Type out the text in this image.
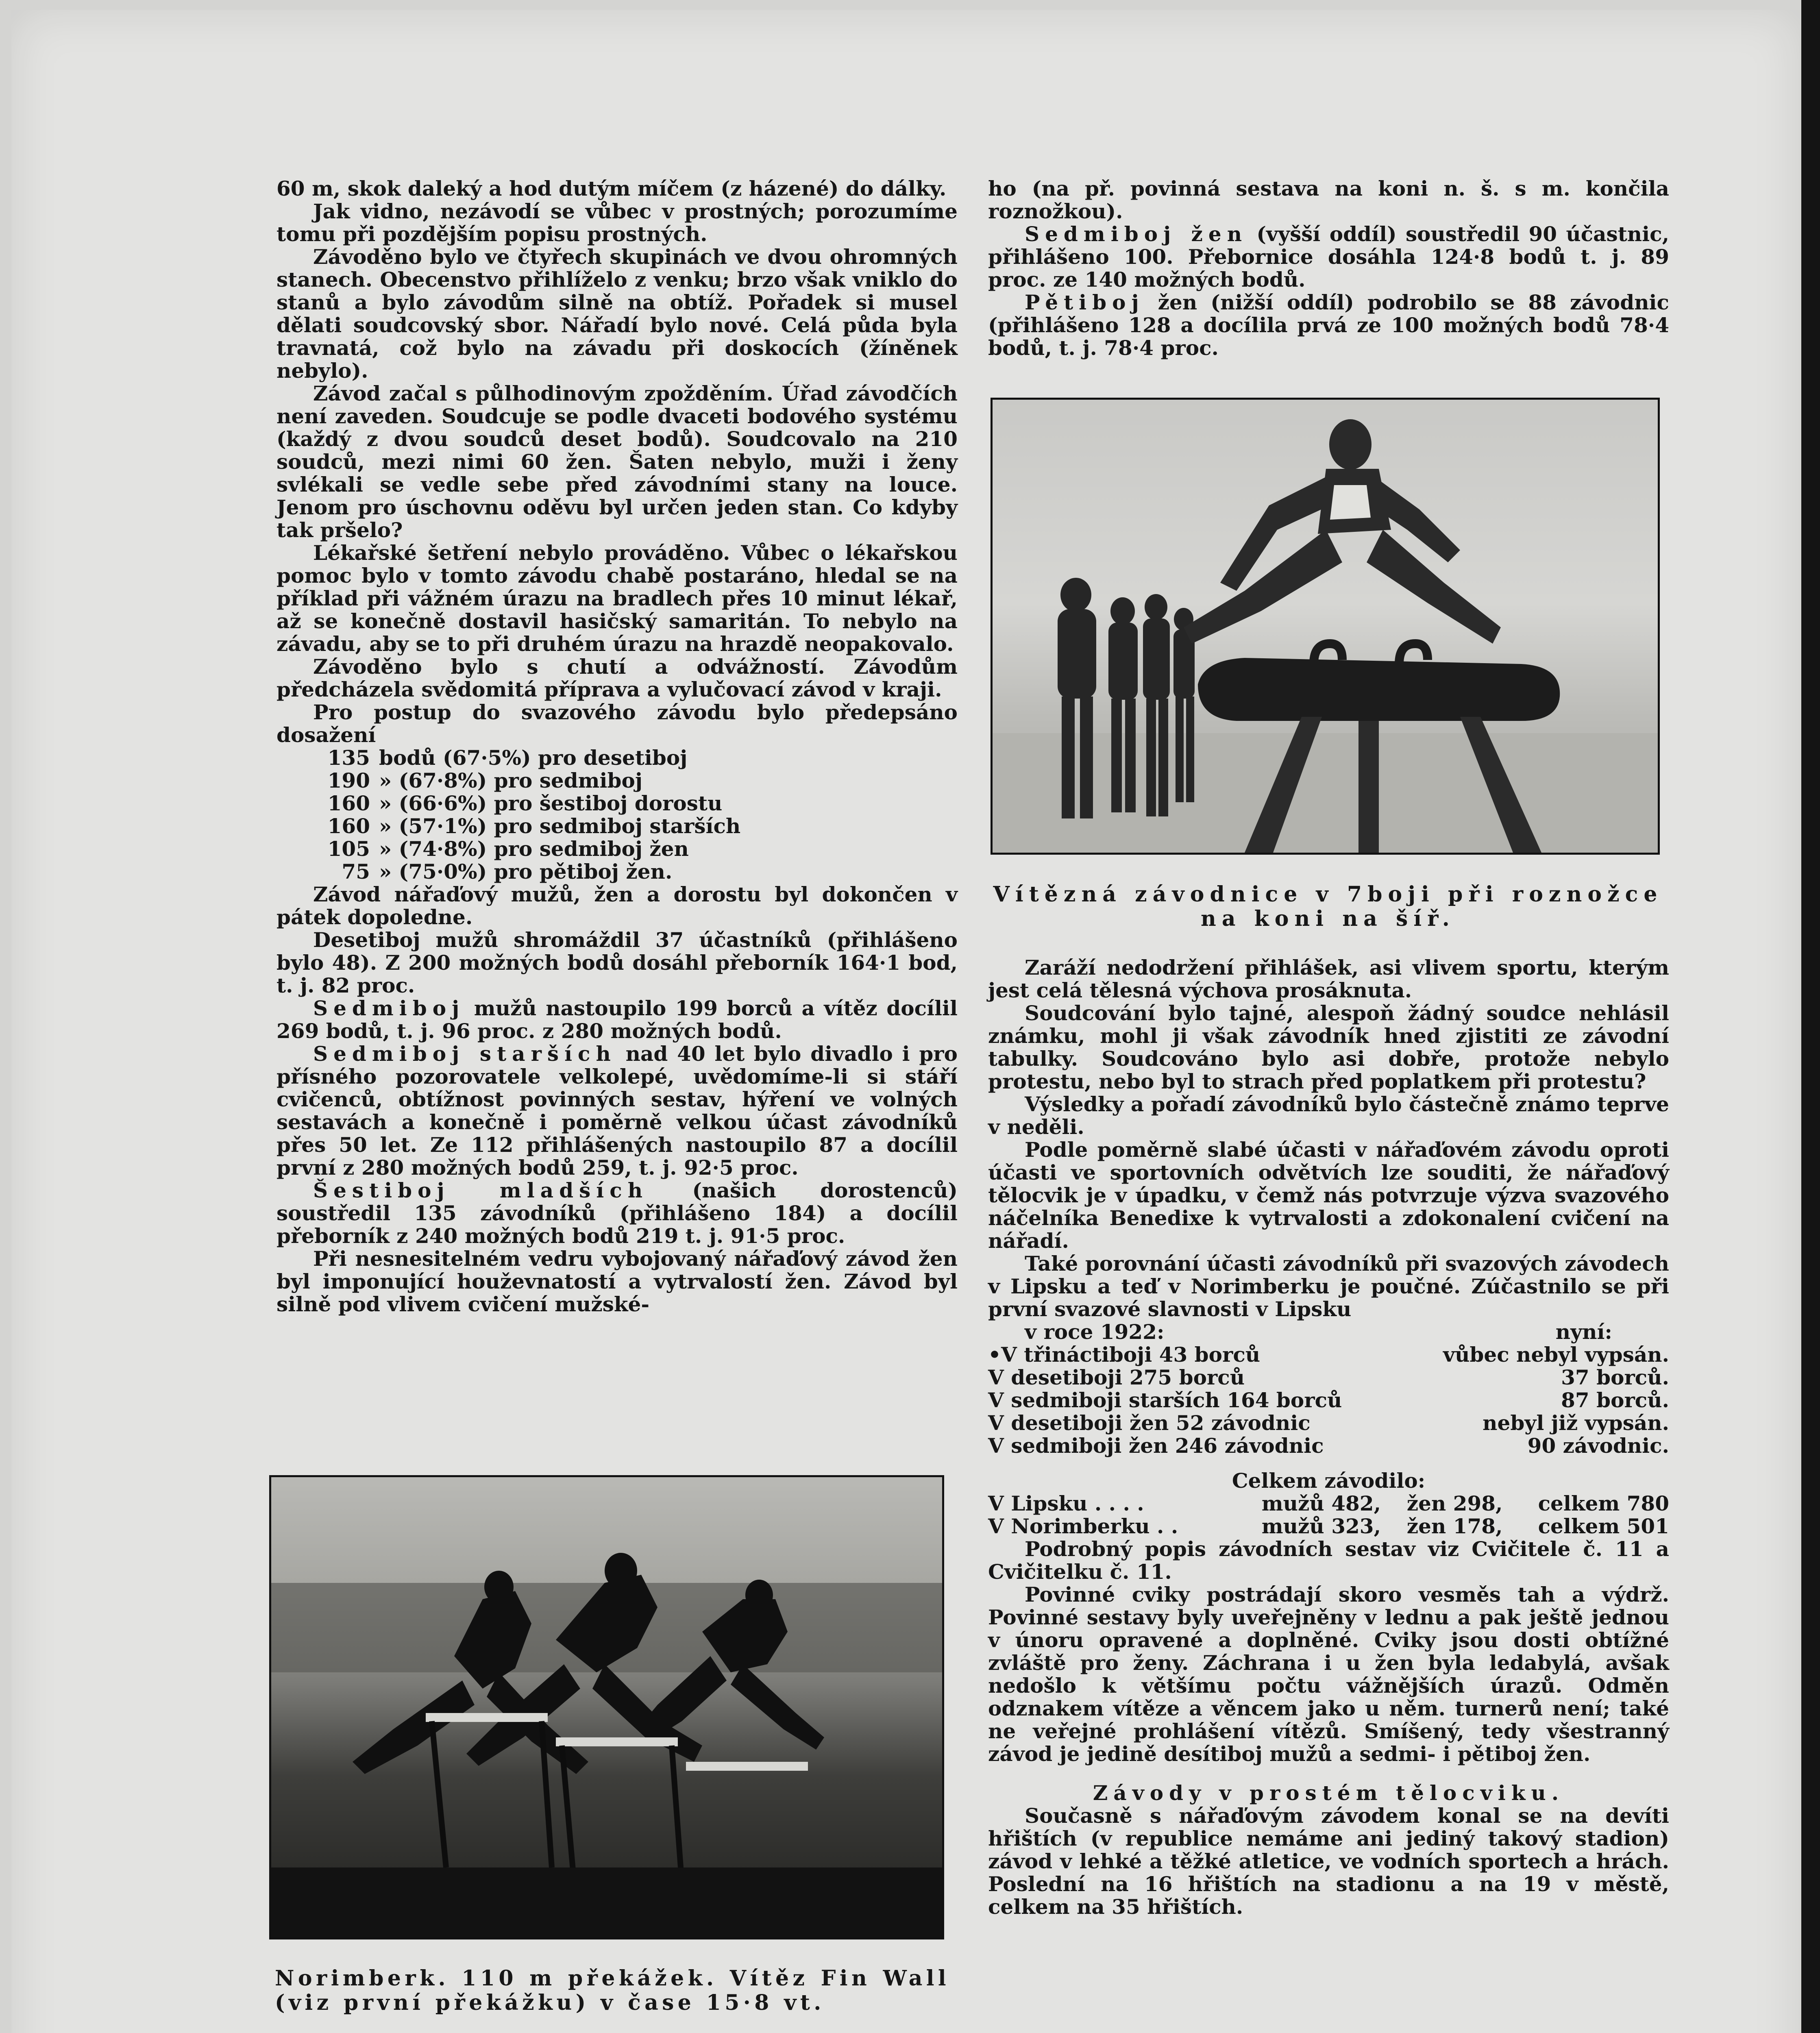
60 m, skok daleký a hod dutým míčem (z házené) do dálky.

Jak vidno, nezávodí se vůbec v prostných; porozumíme tomu při pozdějším popisu prostných.

Závoděno bylo ve čtyřech skupinách ve dvou ohromných stanech. Obecenstvo přihlíželo z venku; brzo však vniklo do stanů a bylo závodům silně na obtíž. Pořadek si musel dělati soudcovský sbor. Nářadí bylo nové. Celá půda byla travnatá, což bylo na závadu při doskocích (žíněnek nebylo).

Závod začal s půlhodinovým zpožděním. Úřad závodčích není zaveden. Soudcuje se podle dvaceti bodového systému (každý z dvou soudců deset bodů). Soudcovalo na 210 soudců, mezi nimi 60 žen. Šaten nebylo, muži i ženy svlékali se vedle sebe před závodními stany na louce. Jenom pro úschovnu oděvu byl určen jeden stan. Co kdyby tak pršelo?

Lékařské šetření nebylo prováděno. Vůbec o lékařskou pomoc bylo v tomto závodu chabě postaráno, hledal se na příklad při vážném úrazu na bradlech přes 10 minut lékař, až se konečně dostavil hasičský samaritán. To nebylo na závadu, aby se to při druhém úrazu na hrazdě neopakovalo.

Závoděno bylo s chutí a odvážností. Závodům předcházela svědomitá příprava a vylučovací závod v kraji.

Pro postup do svazového závodu bylo předepsáno dosažení

135	bodů (67·5%) pro desetiboj
190	» (67·8%) pro sedmiboj
160	» (66·6%) pro šestiboj dorostu
160	» (57·1%) pro sedmiboj starších
105	» (74·8%) pro sedmiboj žen
75	» (75·0%) pro pětiboj žen.

Závod nářaďový mužů, žen a dorostu byl dokončen v pátek dopoledne.

Desetiboj mužů shromáždil 37 účastníků (přihlášeno bylo 48). Z 200 možných bodů dosáhl přeborník 164·1 bod, t. j. 82 proc.

Sedmiboj mužů nastoupilo 199 borců a vítěz docílil 269 bodů, t. j. 96 proc. z 280 možných bodů.

Sedmiboj starších nad 40 let bylo divadlo i pro přísného pozorovatele velkolepé, uvědomíme-li si stáří cvičenců, obtížnost povinných sestav, hýření ve volných sestavách a konečně i poměrně velkou účast závodníků přes 50 let. Ze 112 přihlášených nastoupilo 87 a docílil první z 280 možných bodů 259, t. j. 92·5 proc.

Šestiboj mladších (našich dorostenců) soustředil 135 závodníků (přihlášeno 184) a docílil přeborník z 240 možných bodů 219 t. j. 91·5 proc.

Při nesnesitelném vedru vybojovaný nářaďový závod žen byl imponující houževnatostí a vytrvalostí žen. Závod byl silně pod vlivem cvičení mužské-

ho (na př. povinná sestava na koni n. š. s m. končila roznožkou).

Sedmiboj žen (vyšší oddíl) soustředil 90 účastnic, přihlášeno 100. Přebornice dosáhla 124·8 bodů t. j. 89 proc. ze 140 možných bodů.

Pětiboj žen (nižší oddíl) podrobilo se 88 závodnic (přihlášeno 128 a docílila prvá ze 100 možných bodů 78·4 bodů, t. j. 78·4 proc.

Vítězná závodnice v 7boji při roznožce na koni na šíř.

Zaráží nedodržení přihlášek, asi vlivem sportu, kterým jest celá tělesná výchova prosáknuta.

Soudcování bylo tajné, alespoň žádný soudce nehlásil známku, mohl ji však závodník hned zjistiti ze závodní tabulky. Soudcováno bylo asi dobře, protože nebylo protestu, nebo byl to strach před poplatkem při protestu?

Výsledky a pořadí závodníků bylo částečně známo teprve v neděli.

Podle poměrně slabé účasti v nářaďovém závodu oproti účasti ve sportovních odvětvích lze souditi, že nářaďový tělocvik je v úpadku, v čemž nás potvrzuje výzva svazového náčelníka Benedixe k vytrvalosti a zdokonalení cvičení na nářadí.

Také porovnání účasti závodníků při svazových závodech v Lipsku a teď v Norimberku je poučné. Zúčastnilo se při první svazové slavnosti v Lipsku

v roce 1922:	nyní:
•V třináctiboji 43 borců	vůbec nebyl vypsán.
V desetiboji 275 borců	37 borců.
V sedmiboji starších 164 borců	87 borců.
V desetiboji žen 52 závodnic	nebyl již vypsán.
V sedmiboji žen 246 závodnic	90 závodnic.

Celkem závodilo:

V Lipsku . . . .	mužů 482,	žen 298,	celkem 780
V Norimberku . .	mužů 323,	žen 178,	celkem 501

Podrobný popis závodních sestav viz Cvičitele č. 11 a Cvičitelku č. 11.

Povinné cviky postrádají skoro vesměs tah a výdrž. Povinné sestavy byly uveřejněny v lednu a pak ještě jednou v únoru opravené a doplněné. Cviky jsou dosti obtížné zvláště pro ženy. Záchrana i u žen byla ledabylá, avšak nedošlo k většímu počtu vážnějších úrazů. Odměn odznakem vítěze a věncem jako u něm. turnerů není; také ne veřejné prohlášení vítězů. Smíšený, tedy všestranný závod je jedině desítiboj mužů a sedmi- i pětiboj žen.

Závody v prostém tělocviku.

Současně s nářaďovým závodem konal se na devíti hřištích (v republice nemáme ani jediný takový stadion) závod v lehké a těžké atletice, ve vodních sportech a hrách. Poslední na 16 hřištích na stadionu a na 19 v městě, celkem na 35 hřištích.

Norimberk. 110 m překážek. Vítěz Fin Wall (viz první překážku) v čase 15·8 vt.
